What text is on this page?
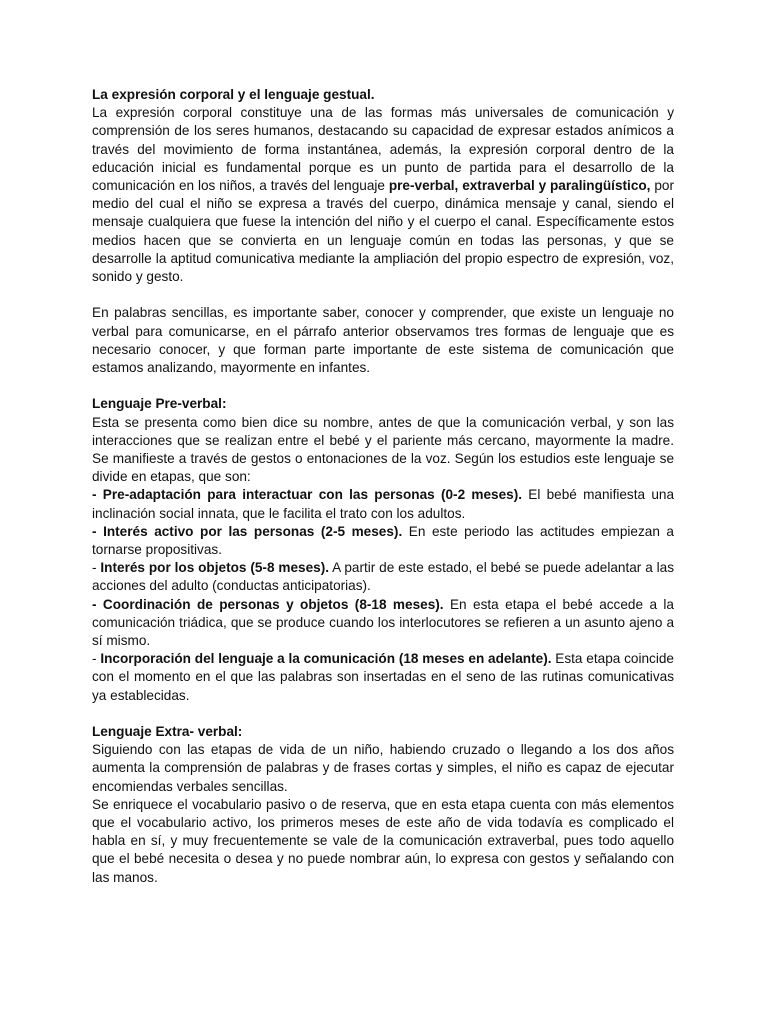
La expresión corporal y el lenguaje gestual.

La expresión corporal constituye una de las formas más universales de comunicación y comprensión de los seres humanos, destacando su capacidad de expresar estados anímicos a través del movimiento de forma instantánea, además, la expresión corporal dentro de la educación inicial es fundamental porque es un punto de partida para el desarrollo de la comunicación en los niños, a través del lenguaje pre-verbal, extraverbal y paralingüístico, por medio del cual el niño se expresa a través del cuerpo, dinámica mensaje y canal, siendo el mensaje cualquiera que fuese la intención del niño y el cuerpo el canal. Específicamente estos medios hacen que se convierta en un lenguaje común en todas las personas, y que se desarrolle la aptitud comunicativa mediante la ampliación del propio espectro de expresión, voz, sonido y gesto.

En palabras sencillas, es importante saber, conocer y comprender, que existe un lenguaje no verbal para comunicarse, en el párrafo anterior observamos tres formas de lenguaje que es necesario conocer, y que forman parte importante de este sistema de comunicación que estamos analizando, mayormente en infantes.

Lenguaje Pre-verbal:

Esta se presenta como bien dice su nombre, antes de que la comunicación verbal, y son las interacciones que se realizan entre el bebé y el pariente más cercano, mayormente la madre. Se manifieste a través de gestos o entonaciones de la voz. Según los estudios este lenguaje se divide en etapas, que son:

- Pre-adaptación para interactuar con las personas (0-2 meses). El bebé manifiesta una inclinación social innata, que le facilita el trato con los adultos.

- Interés activo por las personas (2-5 meses). En este periodo las actitudes empiezan a tornarse propositivas.

- Interés por los objetos (5-8 meses). A partir de este estado, el bebé se puede adelantar a las acciones del adulto (conductas anticipatorias).

- Coordinación de personas y objetos (8-18 meses). En esta etapa el bebé accede a la comunicación triádica, que se produce cuando los interlocutores se refieren a un asunto ajeno a sí mismo.

- Incorporación del lenguaje a la comunicación (18 meses en adelante). Esta etapa coincide con el momento en el que las palabras son insertadas en el seno de las rutinas comunicativas ya establecidas.

Lenguaje Extra- verbal:

Siguiendo con las etapas de vida de un niño, habiendo cruzado o llegando a los dos años aumenta la comprensión de palabras y de frases cortas y simples, el niño es capaz de ejecutar encomiendas verbales sencillas.

Se enriquece el vocabulario pasivo o de reserva, que en esta etapa cuenta con más elementos que el vocabulario activo, los primeros meses de este año de vida todavía es complicado el habla en sí, y muy frecuentemente se vale de la comunicación extraverbal, pues todo aquello que el bebé necesita o desea y no puede nombrar aún, lo expresa con gestos y señalando con las manos.
